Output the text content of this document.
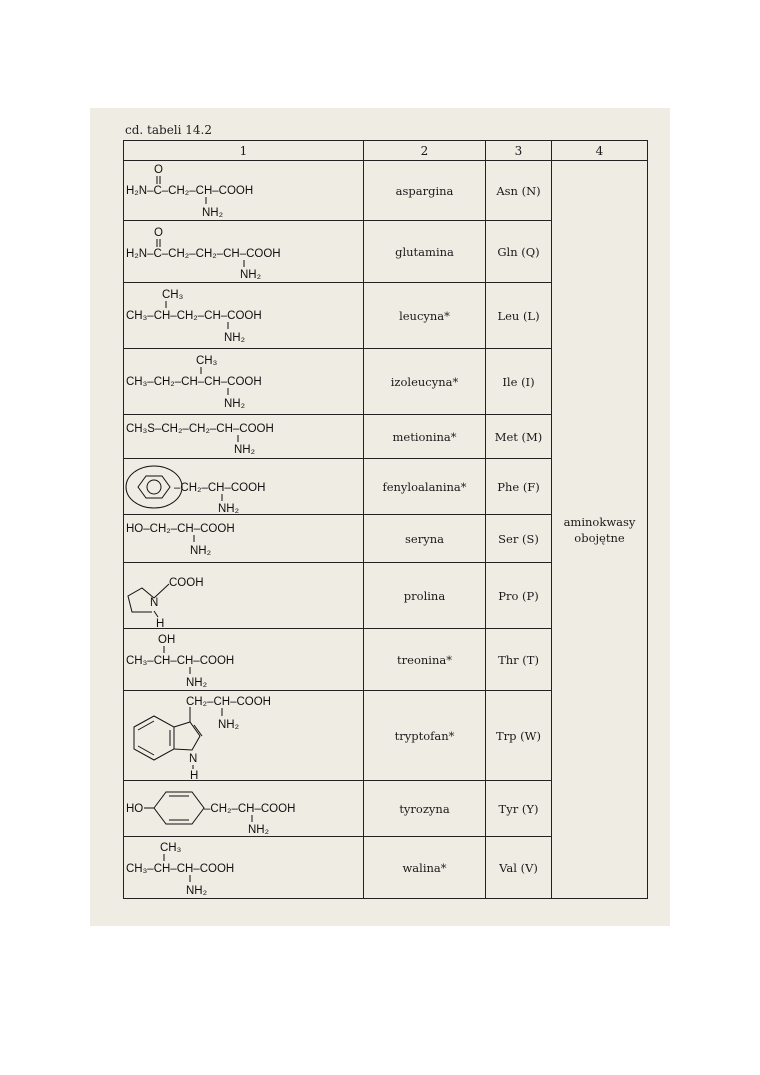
cd. tabeli 14.2
1	2	3	4

O
H₂N–C–CH₂–CH–COOH
NH₂	aspargina	Asn (N)	aminokwasy
obojętne

O
H₂N–C–CH₂–CH₂–CH–COOH
NH₂	glutamina	Gln (Q)	

CH₃
CH₃–CH–CH₂–CH–COOH
NH₂	leucyna*	Leu (L)	

CH₃
CH₃–CH₂–CH–CH–COOH
NH₂	izoleucyna*	Ile (I)	

CH₃S–CH₂–CH₂–CH–COOH
NH₂	metionina*	Met (M)	

–CH₂–CH–COOH
NH₂	fenyloalanina*	Phe (F)	

HO–CH₂–CH–COOH
NH₂	seryna	Ser (S)	

COOH
N
H	prolina	Pro (P)	

OH
CH₃–CH–CH–COOH
NH₂	treonina*	Thr (T)	

CH₂–CH–COOH
NH₂
N
H	tryptofan*	Trp (W)	

HO –CH₂–CH–COOH
NH₂	tyrozyna	Tyr (Y)	

CH₃
CH₃–CH–CH–COOH
NH₂	walina*	Val (V)	
